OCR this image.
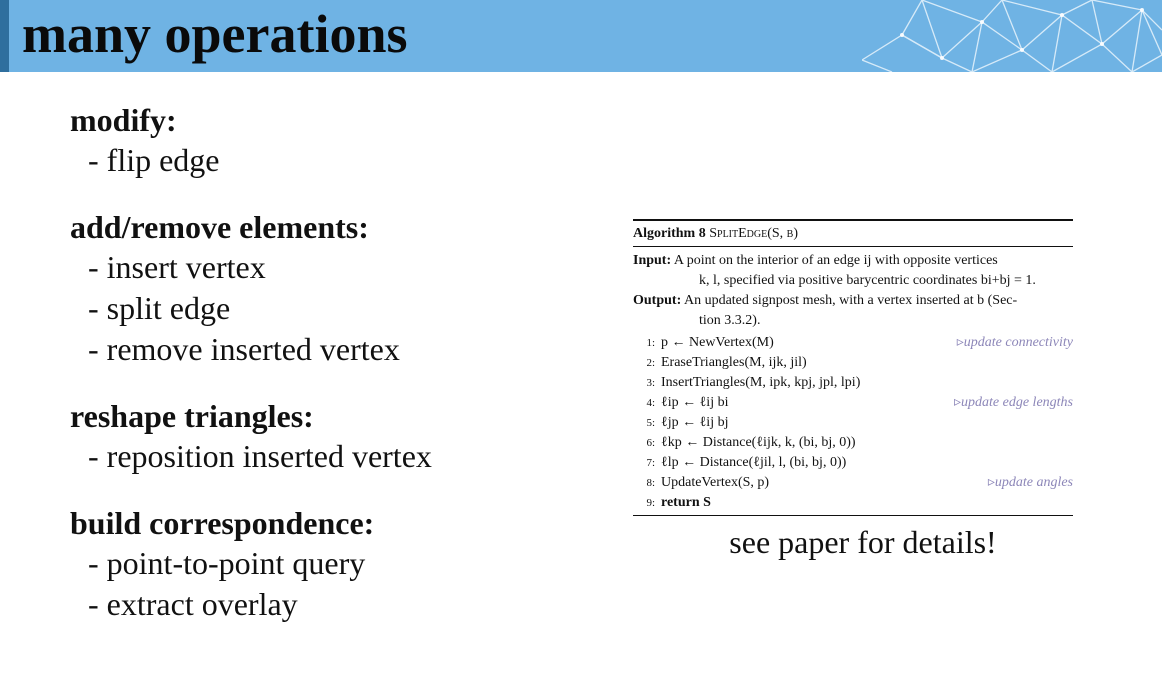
many operations
modify:
- flip edge
add/remove elements:
- insert vertex
- split edge
- remove inserted vertex
reshape triangles:
- reposition inserted vertex
build correspondence:
- point-to-point query
- extract overlay
Algorithm 8 SplitEdge(S, b)
Input: A point on the interior of an edge ij with opposite vertices
k, l, specified via positive barycentric coordinates bi+bj = 1.
Output: An updated signpost mesh, with a vertex inserted at b (Sec-
tion 3.3.2).
1: p ← NewVertex(M)	▹update connectivity
2: EraseTriangles(M, ijk, jil)
3: InsertTriangles(M, ipk, kpj, jpl, lpi)
4: ℓip ← ℓij bi	▹update edge lengths
5: ℓjp ← ℓij bj
6: ℓkp ← Distance(ℓijk, k, (bi, bj, 0))
7: ℓlp ← Distance(ℓjil, l, (bi, bj, 0))
8: UpdateVertex(S, p)	▹update angles
9: return S
see paper for details!
